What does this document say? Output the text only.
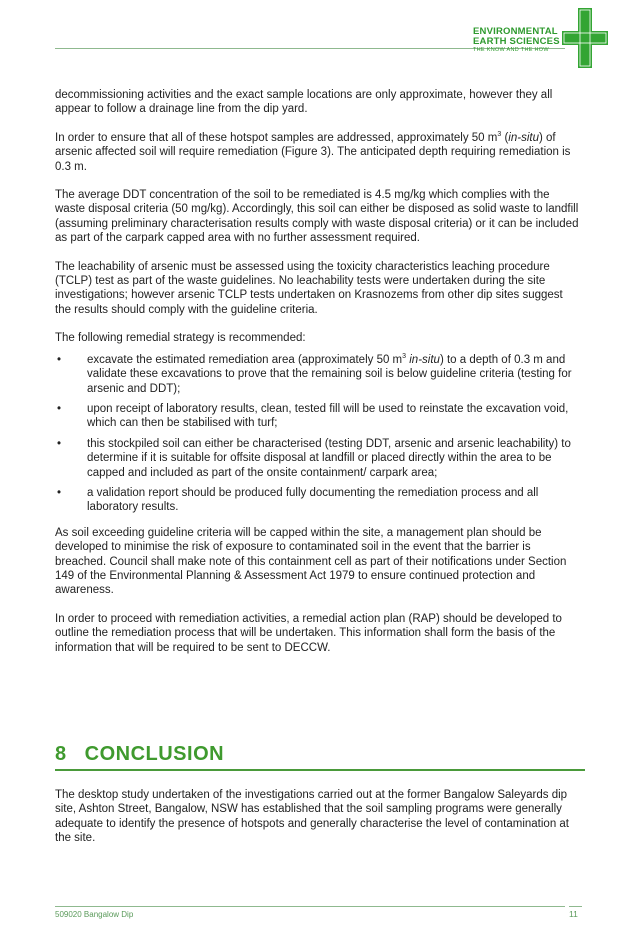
ENVIRONMENTAL
EARTH SCIENCES
THE KNOW AND THE HOW

decommissioning activities and the exact sample locations are only approximate, however they all appear to follow a drainage line from the dip yard.

In order to ensure that all of these hotspot samples are addressed, approximately 50 $m^3$ (in-situ) of arsenic affected soil will require remediation (Figure 3). The anticipated depth requiring remediation is 0.3 m.

The average DDT concentration of the soil to be remediated is 4.5 mg/kg which complies with the waste disposal criteria (50 mg/kg). Accordingly, this soil can either be disposed as solid waste to landfill (assuming preliminary characterisation results comply with waste disposal criteria) or it can be included as part of the carpark capped area with no further assessment required.

The leachability of arsenic must be assessed using the toxicity characteristics leaching procedure (TCLP) test as part of the waste guidelines. No leachability tests were undertaken during the site investigations; however arsenic TCLP tests undertaken on Krasnozems from other dip sites suggest the results should comply with the guideline criteria.

The following remedial strategy is recommended:

• excavate the estimated remediation area (approximately 50 $m^3$ in-situ) to a depth of 0.3 m and validate these excavations to prove that the remaining soil is below guideline criteria (testing for arsenic and DDT);
• upon receipt of laboratory results, clean, tested fill will be used to reinstate the excavation void, which can then be stabilised with turf;
• this stockpiled soil can either be characterised (testing DDT, arsenic and arsenic leachability) to determine if it is suitable for offsite disposal at landfill or placed directly within the area to be capped and included as part of the onsite containment/ carpark area;
• a validation report should be produced fully documenting the remediation process and all laboratory results.

As soil exceeding guideline criteria will be capped within the site, a management plan should be developed to minimise the risk of exposure to contaminated soil in the event that the barrier is breached. Council shall make note of this containment cell as part of their notifications under Section 149 of the Environmental Planning & Assessment Act 1979 to ensure continued protection and awareness.

In order to proceed with remediation activities, a remedial action plan (RAP) should be developed to outline the remediation process that will be undertaken. This information shall form the basis of the information that will be required to be sent to DECCW.

8 CONCLUSION

The desktop study undertaken of the investigations carried out at the former Bangalow Saleyards dip site, Ashton Street, Bangalow, NSW has established that the soil sampling programs were generally adequate to identify the presence of hotspots and generally characterise the level of contamination at the site.

509020 Bangalow Dip	11
